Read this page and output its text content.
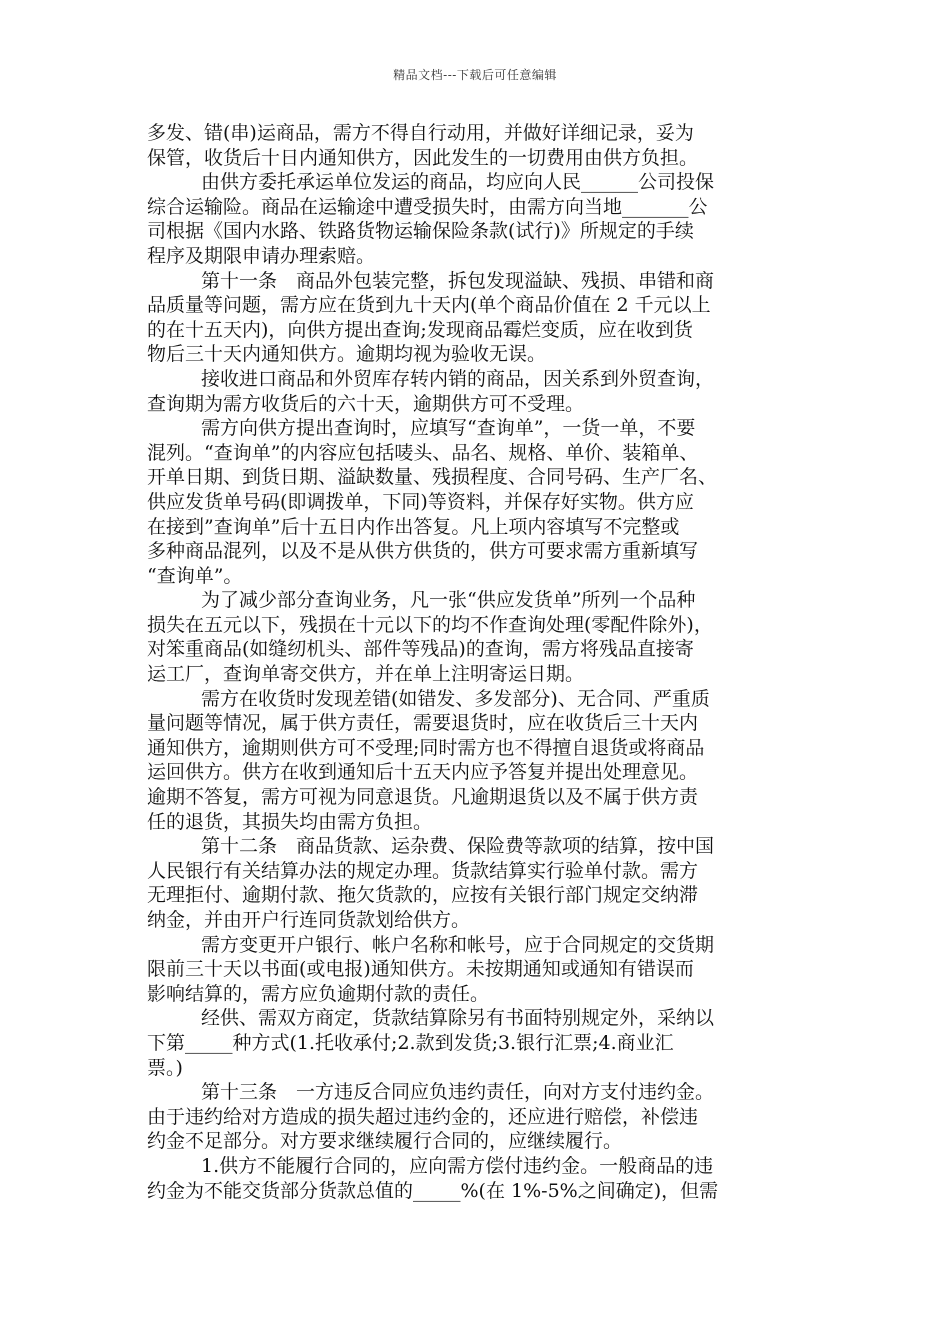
精品文档---下载后可任意编辑
多发、错(串)运商品，需方不得自行动用，并做好详细记录，妥为
保管，收货后十日内通知供方，因此发生的一切费用由供方负担。
由供方委托承运单位发运的商品，均应向人民______公司投保
综合运输险。商品在运输途中遭受损失时，由需方向当地_______公
司根据《国内水路、铁路货物运输保险条款(试行)》所规定的手续
程序及期限申请办理索赔。
第十一条　商品外包装完整，拆包发现溢缺、残损、串错和商
品质量等问题，需方应在货到九十天内(单个商品价值在 2 千元以上
的在十五天内)，向供方提出查询;发现商品霉烂变质，应在收到货
物后三十天内通知供方。逾期均视为验收无误。
接收进口商品和外贸库存转内销的商品，因关系到外贸查询，
查询期为需方收货后的六十天，逾期供方可不受理。
需方向供方提出查询时，应填写“查询单”，一货一单，不要
混列。“查询单”的内容应包括唛头、品名、规格、单价、装箱单、
开单日期、到货日期、溢缺数量、残损程度、合同号码、生产厂名、
供应发货单号码(即调拨单，下同)等资料，并保存好实物。供方应
在接到”查询单”后十五日内作出答复。凡上项内容填写不完整或
多种商品混列，以及不是从供方供货的，供方可要求需方重新填写
“查询单”。
为了减少部分查询业务，凡一张“供应发货单”所列一个品种
损失在五元以下，残损在十元以下的均不作查询处理(零配件除外)，
对笨重商品(如缝纫机头、部件等残品)的查询，需方将残品直接寄
运工厂，查询单寄交供方，并在单上注明寄运日期。
需方在收货时发现差错(如错发、多发部分)、无合同、严重质
量问题等情况，属于供方责任，需要退货时，应在收货后三十天内
通知供方，逾期则供方可不受理;同时需方也不得擅自退货或将商品
运回供方。供方在收到通知后十五天内应予答复并提出处理意见。
逾期不答复，需方可视为同意退货。凡逾期退货以及不属于供方责
任的退货，其损失均由需方负担。
第十二条　商品货款、运杂费、保险费等款项的结算，按中国
人民银行有关结算办法的规定办理。货款结算实行验单付款。需方
无理拒付、逾期付款、拖欠货款的，应按有关银行部门规定交纳滞
纳金，并由开户行连同货款划给供方。
需方变更开户银行、帐户名称和帐号，应于合同规定的交货期
限前三十天以书面(或电报)通知供方。未按期通知或通知有错误而
影响结算的，需方应负逾期付款的责任。
经供、需双方商定，货款结算除另有书面特别规定外，采纳以
下第_____种方式(1.托收承付;2.款到发货;3.银行汇票;4.商业汇
票。)
第十三条　一方违反合同应负违约责任，向对方支付违约金。
由于违约给对方造成的损失超过违约金的，还应进行赔偿，补偿违
约金不足部分。对方要求继续履行合同的，应继续履行。
1.供方不能履行合同的，应向需方偿付违约金。一般商品的违
约金为不能交货部分货款总值的_____%(在 1%-5%之间确定)，但需
